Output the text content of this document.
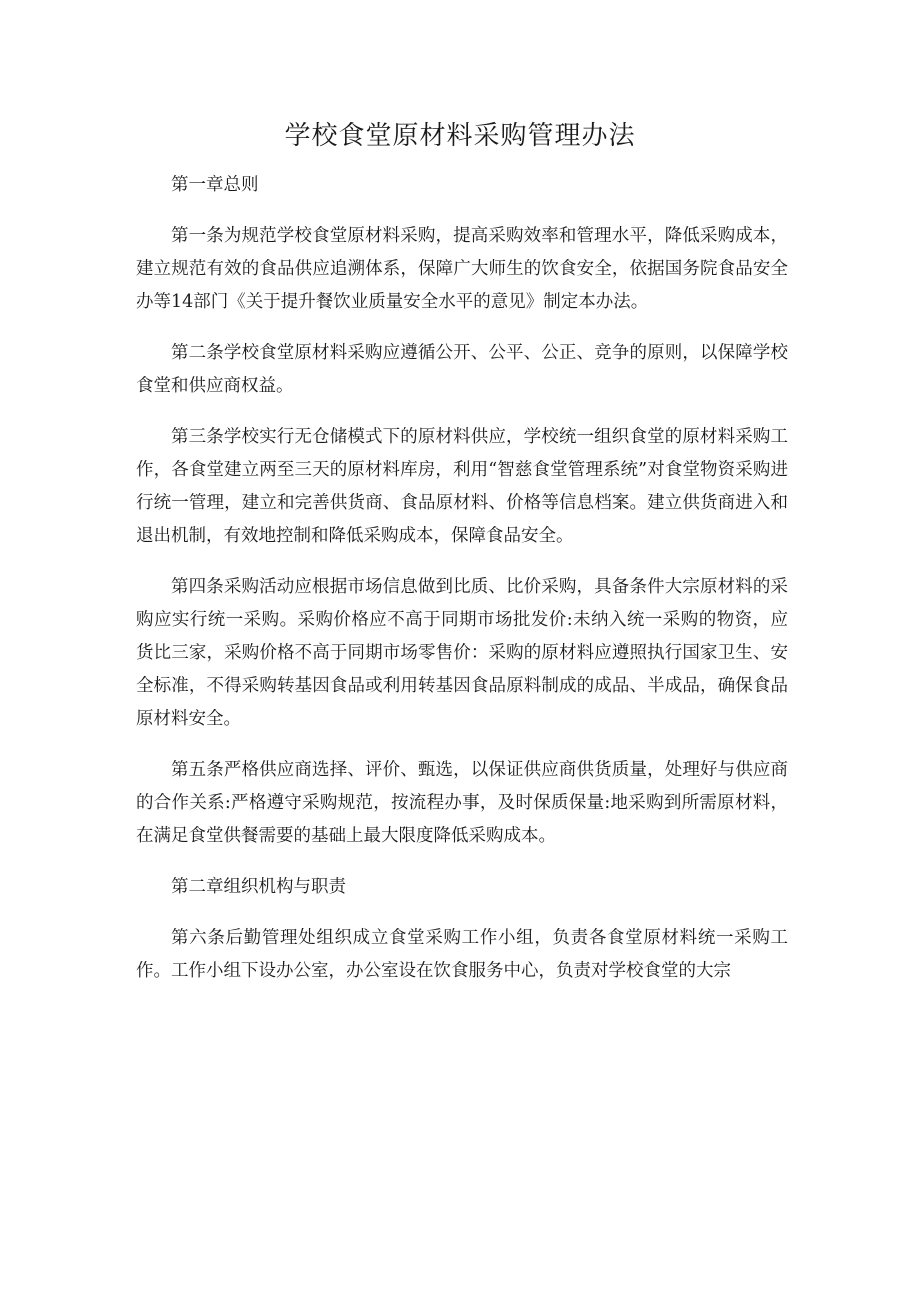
学校食堂原材料采购管理办法

第一章总则

第一条为规范学校食堂原材料采购，提高采购效率和管理水平，降低采购成本，建立规范有效的食品供应追溯体系，保障广大师生的饮食安全，依据国务院食品安全办等14部门《关于提升餐饮业质量安全水平的意见》制定本办法。

第二条学校食堂原材料采购应遵循公开、公平、公正、竞争的原则，以保障学校食堂和供应商权益。

第三条学校实行无仓储模式下的原材料供应，学校统一组织食堂的原材料采购工作，各食堂建立两至三天的原材料库房，利用“智慈食堂管理系统”对食堂物资采购进行统一管理，建立和完善供货商、食品原材料、价格等信息档案。建立供货商进入和退出机制，有效地控制和降低采购成本，保障食品安全。

第四条采购活动应根据市场信息做到比质、比价采购，具备条件大宗原材料的采购应实行统一采购。采购价格应不高于同期市场批发价:未纳入统一采购的物资，应货比三家，采购价格不高于同期市场零售价：采购的原材料应遵照执行国家卫生、安全标准，不得采购转基因食品或利用转基因食品原料制成的成品、半成品，确保食品原材料安全。

第五条严格供应商选择、评价、甄选，以保证供应商供货质量，处理好与供应商的合作关系:严格遵守采购规范，按流程办事，及时保质保量:地采购到所需原材料，在满足食堂供餐需要的基础上最大限度降低采购成本。

第二章组织机构与职责

第六条后勤管理处组织成立食堂采购工作小组，负责各食堂原材料统一采购工作。工作小组下设办公室，办公室设在饮食服务中心，负责对学校食堂的大宗
